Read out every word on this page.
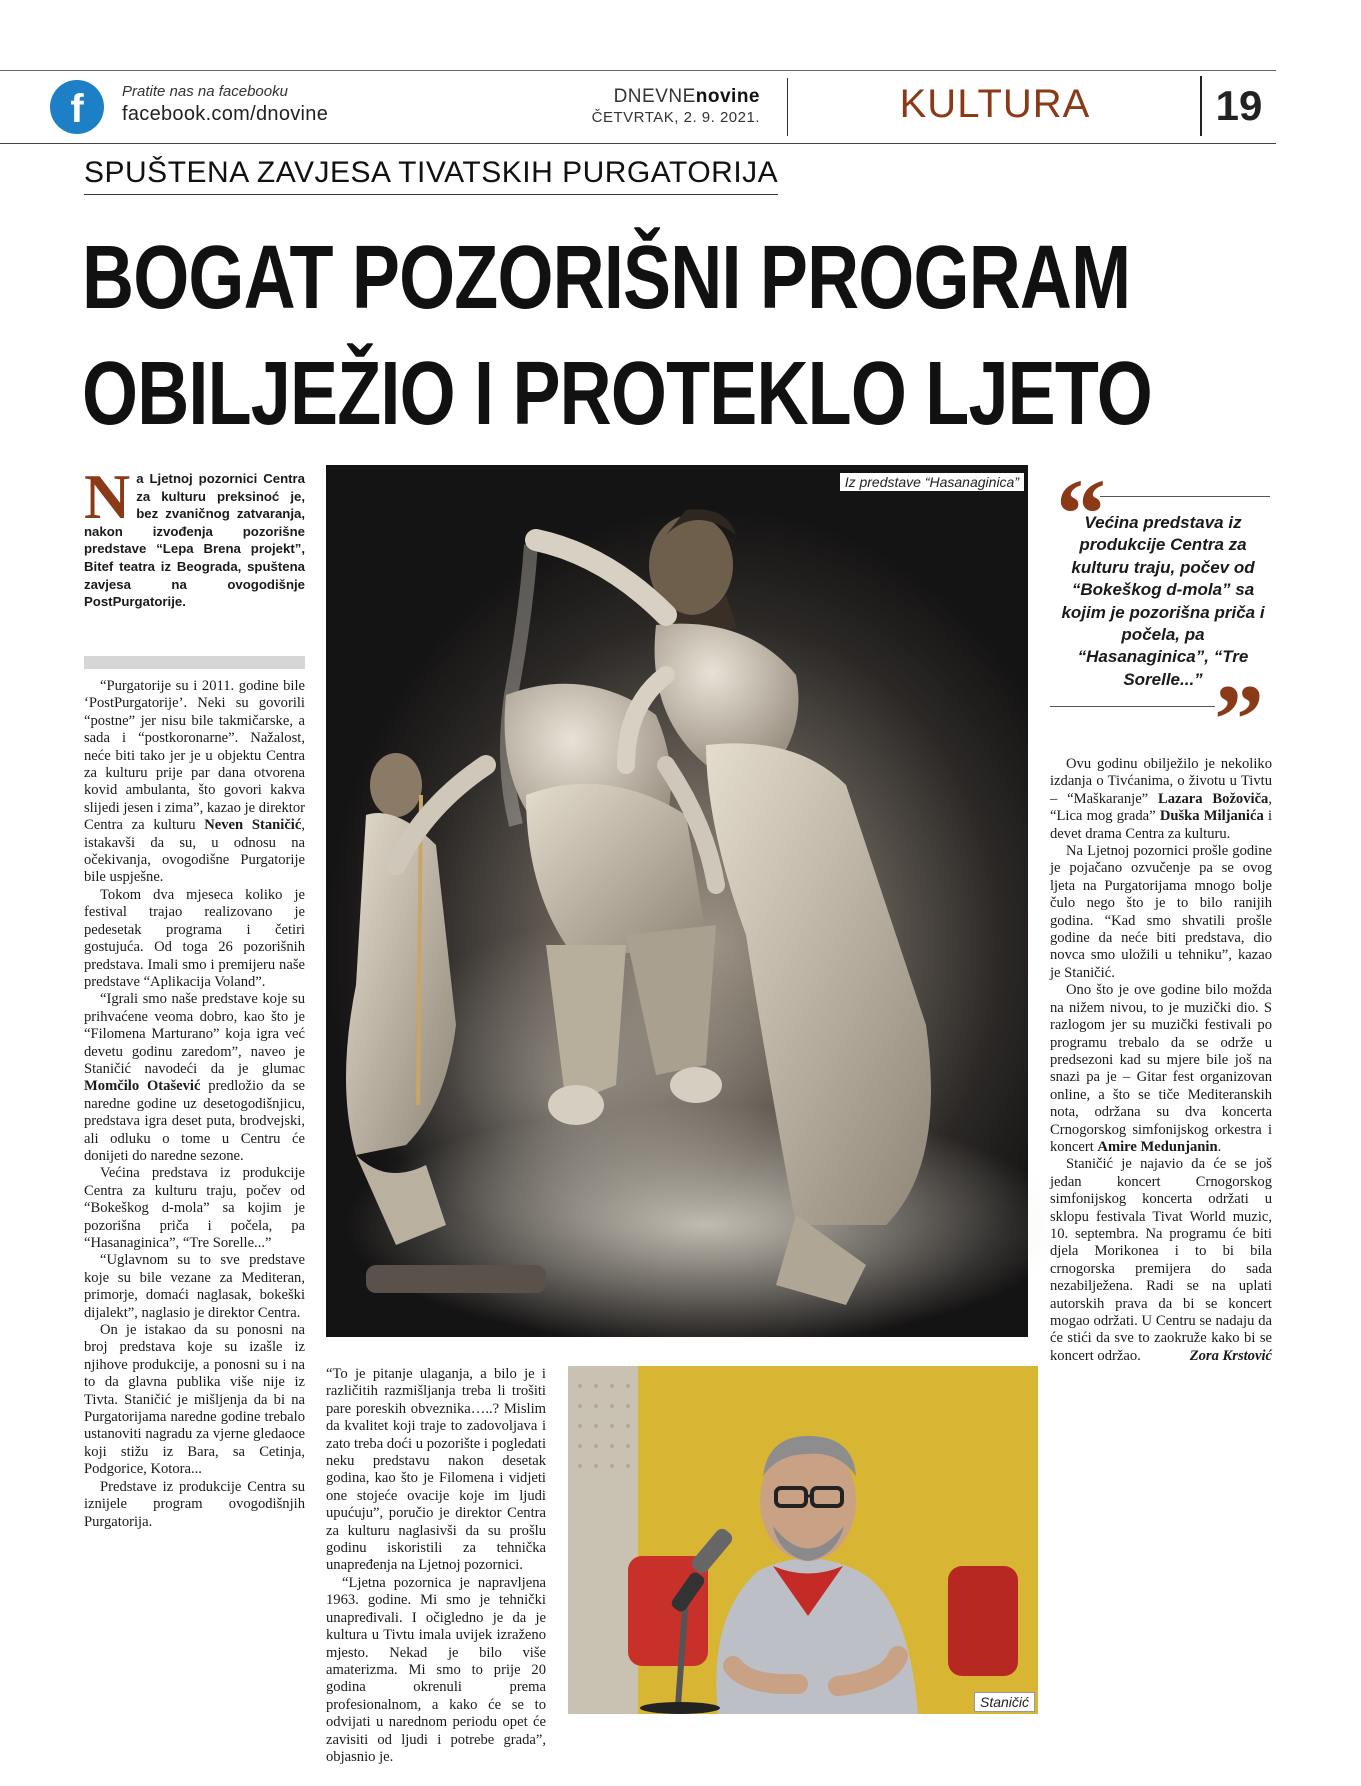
f	Pratite nas na facebooku
facebook.com/dnovine
DNEVNEnovine
ČETVRTAK, 2. 9. 2021.	KULTURA	19
SPUŠTENA ZAVJESA TIVATSKIH PURGATORIJA
BOGAT POZORIŠNI PROGRAM
OBILJEŽIO I PROTEKLO LJETO
N a Ljetnoj pozornici Centra za kulturu preksinoć je, bez zvaničnog zatvaranja, nakon izvođenja pozorišne predstave “Lepa Brena projekt”, Bitef teatra iz Beograda, spuštena zavjesa na ovogodišnje PostPurgatorije.

“Purgatorije su i 2011. godine bile ‘PostPurgatorije’. Neki su govorili “postne” jer nisu bile takmičarske, a sada i “postkoronarne”. Nažalost, neće biti tako jer je u objektu Centra za kulturu prije par dana otvorena kovid ambulanta, što govori kakva slijedi jesen i zima”, kazao je direktor Centra za kulturu Neven Staničić, istakavši da su, u odnosu na očekivanja, ovogodišne Purgatorije bile uspješne.

Tokom dva mjeseca koliko je festival trajao realizovano je pedesetak programa i četiri gostujuća. Od toga 26 pozorišnih predstava. Imali smo i premijeru naše predstave “Aplikacija Voland”.

“Igrali smo naše predstave koje su prihvaćene veoma dobro, kao što je “Filomena Marturano” koja igra već devetu godinu zaredom”, naveo je Staničić navodeći da je glumac Momčilo Otašević predložio da se naredne godine uz desetogodišnjicu, predstava igra deset puta, brodvejski, ali odluku o tome u Centru će donijeti do naredne sezone.

Većina predstava iz produkcije Centra za kulturu traju, počev od “Bokeškog d-mola” sa kojim je pozorišna priča i počela, pa “Hasanaginica”, “Tre Sorelle...”

“Uglavnom su to sve predstave koje su bile vezane za Mediteran, primorje, domaći naglasak, bokeški dijalekt”, naglasio je direktor Centra.

On je istakao da su ponosni na broj predstava koje su izašle iz njihove produkcije, a ponosni su i na to da glavna publika više nije iz Tivta. Staničić je mišljenja da bi na Purgatorijama naredne godine trebalo ustanoviti nagradu za vjerne gledaoce koji stižu iz Bara, sa Cetinja, Podgorice, Kotora...

Predstave iz produkcije Centra su iznijele program ovogodišnjih Purgatorija.

Iz predstave “Hasanaginica”

“To je pitanje ulaganja, a bilo je i različitih razmišljanja treba li trošiti pare poreskih obveznika…..? Mislim da kvalitet koji traje to zadovoljava i zato treba doći u pozorište i pogledati neku predstavu nakon desetak godina, kao što je Filomena i vidjeti one stojeće ovacije koje im ljudi upućuju”, poručio je direktor Centra za kulturu naglasivši da su prošlu godinu iskoristili za tehnička unapređenja na Ljetnoj pozornici.

“Ljetna pozornica je napravljena 1963. godine. Mi smo je tehnički unapređivali. I očigledno je da je kultura u Tivtu imala uvijek izraženo mjesto. Nekad je bilo više amaterizma. Mi smo to prije 20 godina okrenuli prema profesionalnom, a kako će se to odvijati u narednom periodu opet će zavisiti od ljudi i potrebe grada”, objasnio je.

Staničić
“
Većina predstava iz produkcije Centra za kulturu traju, počev od “Bokeškog d-mola” sa kojim je pozorišna priča i počela, pa “Hasanaginica”, “Tre Sorelle...” ”

Ovu godinu obilježilo je nekoliko izdanja o Tivćanima, o životu u Tivtu – “Maškaranje” Lazara Božoviča, “Lica mog grada” Duška Miljanića i devet drama Centra za kulturu.

Na Ljetnoj pozornici prošle godine je pojačano ozvučenje pa se ovog ljeta na Purgatorijama mnogo bolje čulo nego što je to bilo ranijih godina. “Kad smo shvatili prošle godine da neće biti predstava, dio novca smo uložili u tehniku”, kazao je Staničić.

Ono što je ove godine bilo možda na nižem nivou, to je muzički dio. S razlogom jer su muzički festivali po programu trebalo da se održe u predsezoni kad su mjere bile još na snazi pa je – Gitar fest organizovan online, a što se tiče Mediteranskih nota, održana su dva koncerta Crnogorskog simfonijskog orkestra i koncert Amire Medunjanin.

Staničić je najavio da će se još jedan koncert Crnogorskog simfonijskog koncerta održati u sklopu festivala Tivat World muzic, 10. septembra. Na programu će biti djela Morikonea i to bi bila crnogorska premijera do sada nezabilježena. Radi se na uplati autorskih prava da bi se koncert mogao održati. U Centru se nadaju da će stići da sve to zaokruže kako bi se koncert održao.	Zora Krstović
